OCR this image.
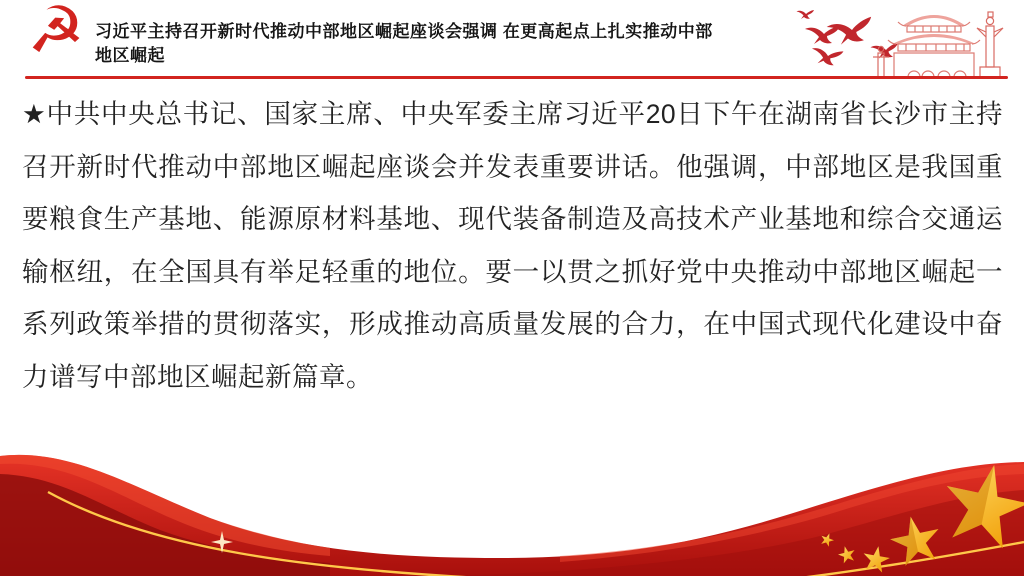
☭ 习近平主持召开新时代推动中部地区崛起座谈会强调 在更高起点上扎实推动中部
地区崛起

★中共中央总书记、国家主席、中央军委主席习近平20日下午在湖南省长沙市主持召开新时代推动中部地区崛起座谈会并发表重要讲话。他强调，中部地区是我国重要粮食生产基地、能源原材料基地、现代装备制造及高技术产业基地和综合交通运输枢纽，在全国具有举足轻重的地位。要一以贯之抓好党中央推动中部地区崛起一系列政策举措的贯彻落实，形成推动高质量发展的合力，在中国式现代化建设中奋力谱写中部地区崛起新篇章。
